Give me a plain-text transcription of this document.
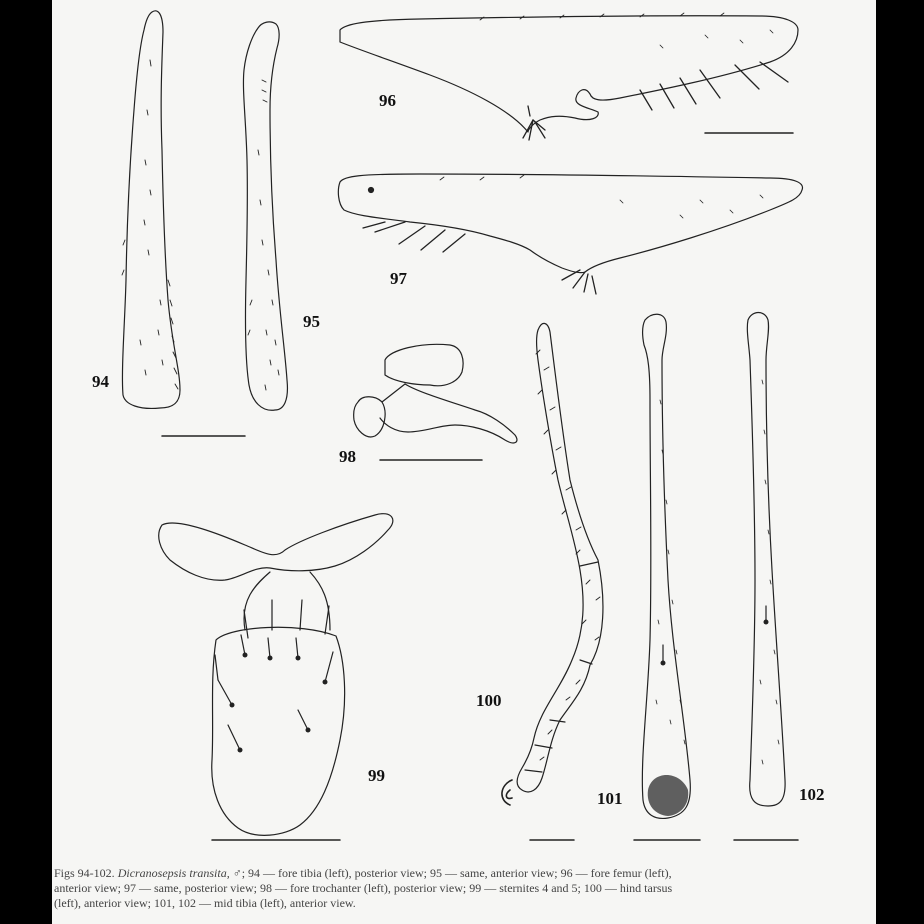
94
95
96
97
98
99
100
101	102
Figs 94-102. Dicranosepsis transita, ♂; 94 — fore tibia (left), posterior view; 95 — same, anterior view; 96 — fore femur (left),
anterior view; 97 — same, posterior view; 98 — fore trochanter (left), posterior view; 99 — sternites 4 and 5; 100 — hind tarsus
(left), anterior view; 101, 102 — mid tibia (left), anterior view.
